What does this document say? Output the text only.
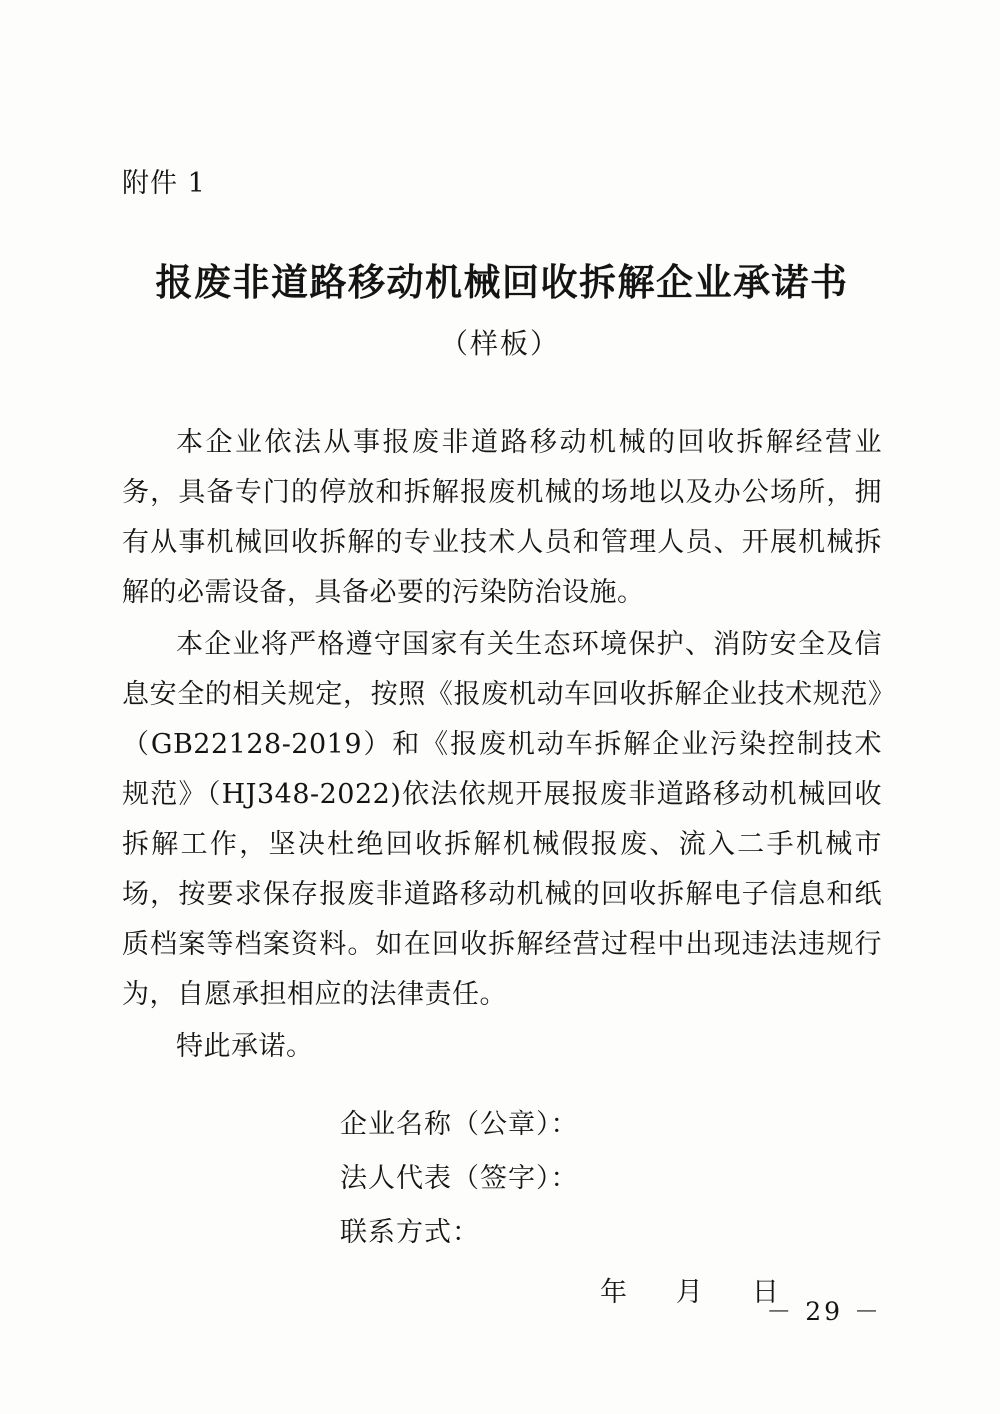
附件 1
报废非道路移动机械回收拆解企业承诺书
（样板）

本企业依法从事报废非道路移动机械的回收拆解经营业务，具备专门的停放和拆解报废机械的场地以及办公场所，拥有从事机械回收拆解的专业技术人员和管理人员、开展机械拆解的必需设备，具备必要的污染防治设施。

本企业将严格遵守国家有关生态环境保护、消防安全及信息安全的相关规定，按照《报废机动车回收拆解企业技术规范》（GB22128-2019）和《报废机动车拆解企业污染控制技术规范》（HJ348-2022)依法依规开展报废非道路移动机械回收拆解工作，坚决杜绝回收拆解机械假报废、流入二手机械市场，按要求保存报废非道路移动机械的回收拆解电子信息和纸质档案等档案资料。如在回收拆解经营过程中出现违法违规行为，自愿承担相应的法律责任。

特此承诺。

企业名称（公章）：
法人代表（签字）：
联系方式：
年     月     日
－ 29 －
